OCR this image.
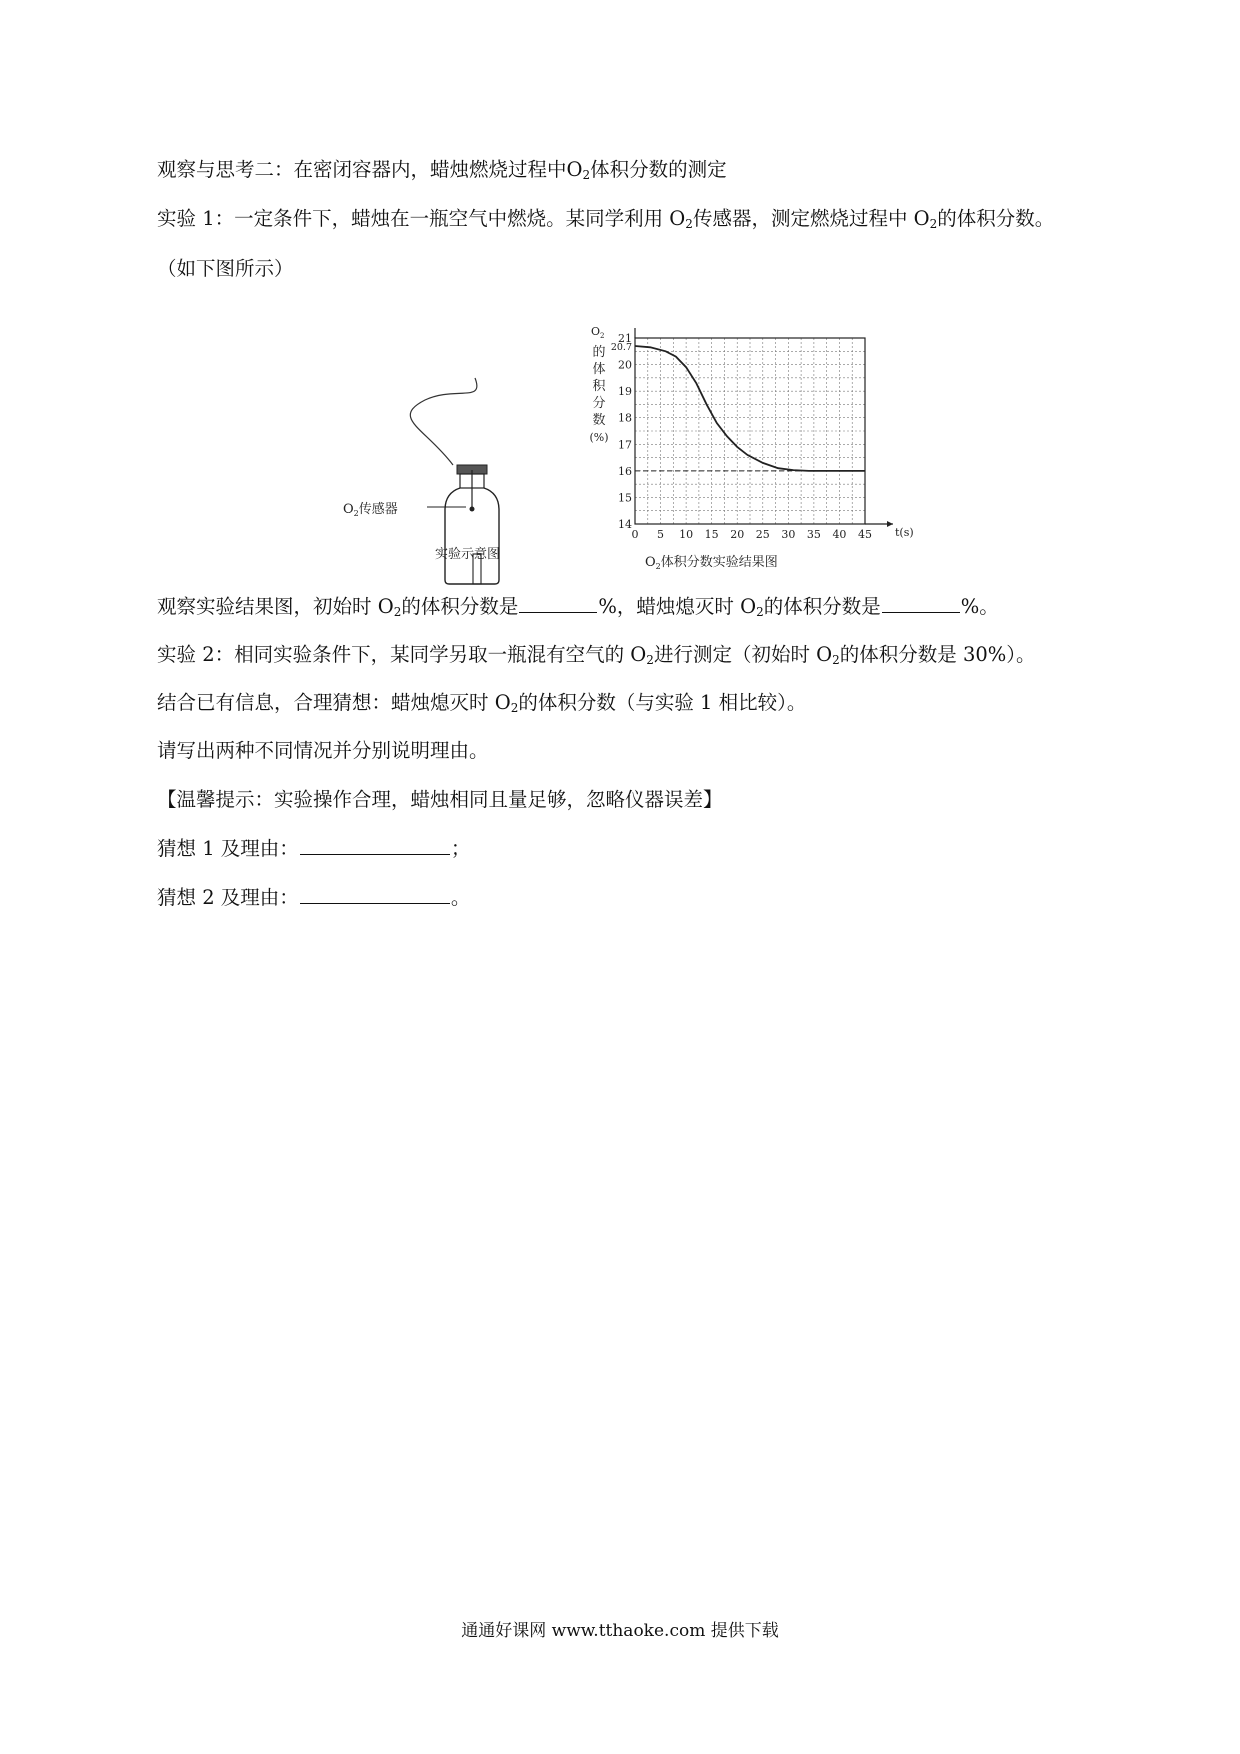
观察与思考二：在密闭容器内，蜡烛燃烧过程中$O_2$体积分数的测定
实验 1：一定条件下，蜡烛在一瓶空气中燃烧。某同学利用 $O_2$传感器，测定燃烧过程中 $O_2$的体积分数。
（如下图所示）
$O_2$传感器
实验示意图
$O_2$
的
体
积
分
数
(%)
0 5 10 15 20 25 30 35 40 45 t(s)
14
15
16
17
18
19
20
20.7
21
$O_2$体积分数实验结果图
观察实验结果图，初始时 $O_2$的体积分数是	%，蜡烛熄灭时 $O_2$的体积分数是	%。
实验 2：相同实验条件下，某同学另取一瓶混有空气的 $O_2$进行测定（初始时 $O_2$的体积分数是 30%）。
结合已有信息，合理猜想：蜡烛熄灭时 $O_2$的体积分数（与实验 1 相比较）。
请写出两种不同情况并分别说明理由。
【温馨提示：实验操作合理，蜡烛相同且量足够，忽略仪器误差】
猜想 1 及理由：	；
猜想 2 及理由：	。
通通好课网 www.tthaoke.com 提供下载
